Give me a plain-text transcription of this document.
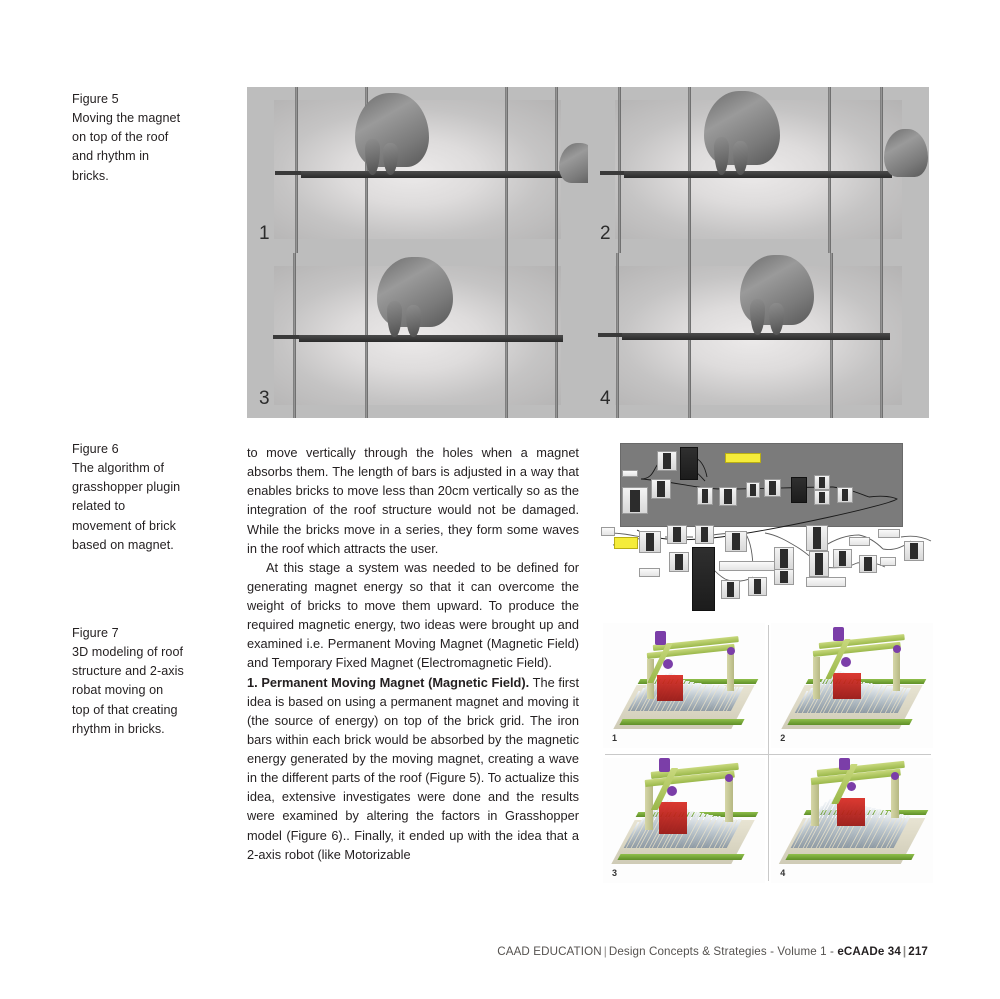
1	2
3	4
Figure 5
Moving the magnet
on top of the roof
and rhythm in
bricks.
Figure 6
The algorithm of
grasshopper plugin
related to
movement of brick
based on magnet.
Figure 7
3D modeling of roof
structure and 2-axis
robat moving on
top of that creating
rhythm in bricks.

to move vertically through the holes when a magnet absorbs them. The length of bars is adjusted in a way that enables bricks to move less than 20cm vertically so as the integration of the roof structure would not be damaged. While the bricks move in a series, they form some waves in the roof which attracts the user.

At this stage a system was needed to be defined for generating magnet energy so that it can overcome the weight of bricks to move them upward. To produce the required magnetic energy, two ideas were brought up and examined i.e. Permanent Moving Magnet (Magnetic Field) and Temporary Fixed Magnet (Electromagnetic Field).

1. Permanent Moving Magnet (Magnetic Field). The first idea is based on using a permanent magnet and moving it (the source of energy) on top of the brick grid. The iron bars within each brick would be absorbed by the magnetic energy generated by the moving magnet, creating a wave in the different parts of the roof (Figure 5). To actualize this idea, extensive investigates were done and the results were examined by altering the factors in Grasshopper model (Figure 6).. Finally, it ended up with the idea that a 2-axis robot (like Motorizable

1	2
3	4
CAAD EDUCATION | Design Concepts & Strategies - Volume 1 - eCAADe 34 | 217
